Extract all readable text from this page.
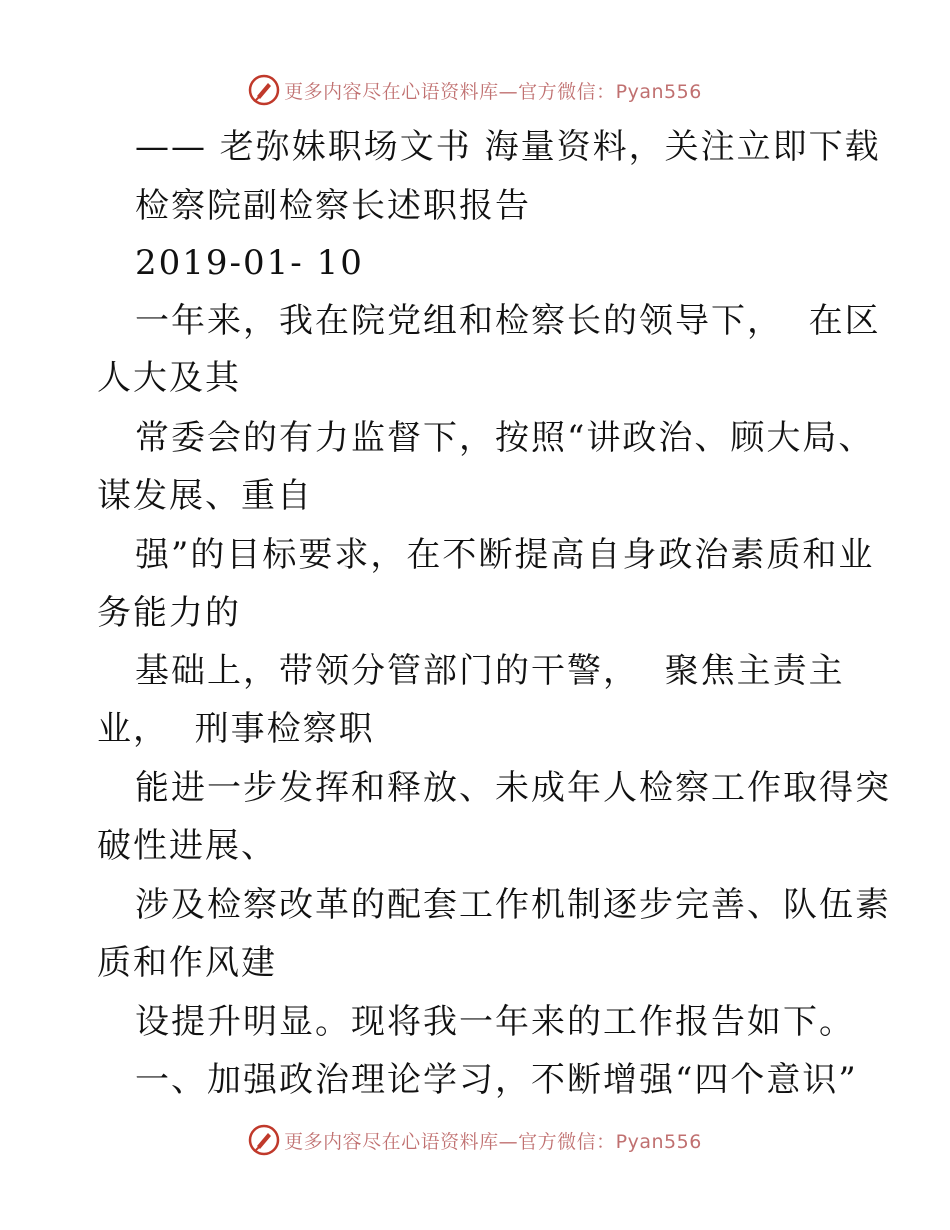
更多内容尽在心语资料库—官方微信：Pyan556
—— 老弥妹职场文书 海量资料，关注立即下载
检察院副检察长述职报告
2019-01- 10
一年来，我在院党组和检察长的领导下，  在区
人大及其
常委会的有力监督下，按照“讲政治、顾大局、
谋发展、重自
强”的目标要求，在不断提高自身政治素质和业
务能力的
基础上，带领分管部门的干警，  聚焦主责主
业，  刑事检察职
能进一步发挥和释放、未成年人检察工作取得突
破性进展、
涉及检察改革的配套工作机制逐步完善、队伍素
质和作风建
设提升明显。现将我一年来的工作报告如下。
一、加强政治理论学习，不断增强“四个意识”
更多内容尽在心语资料库—官方微信：Pyan556
